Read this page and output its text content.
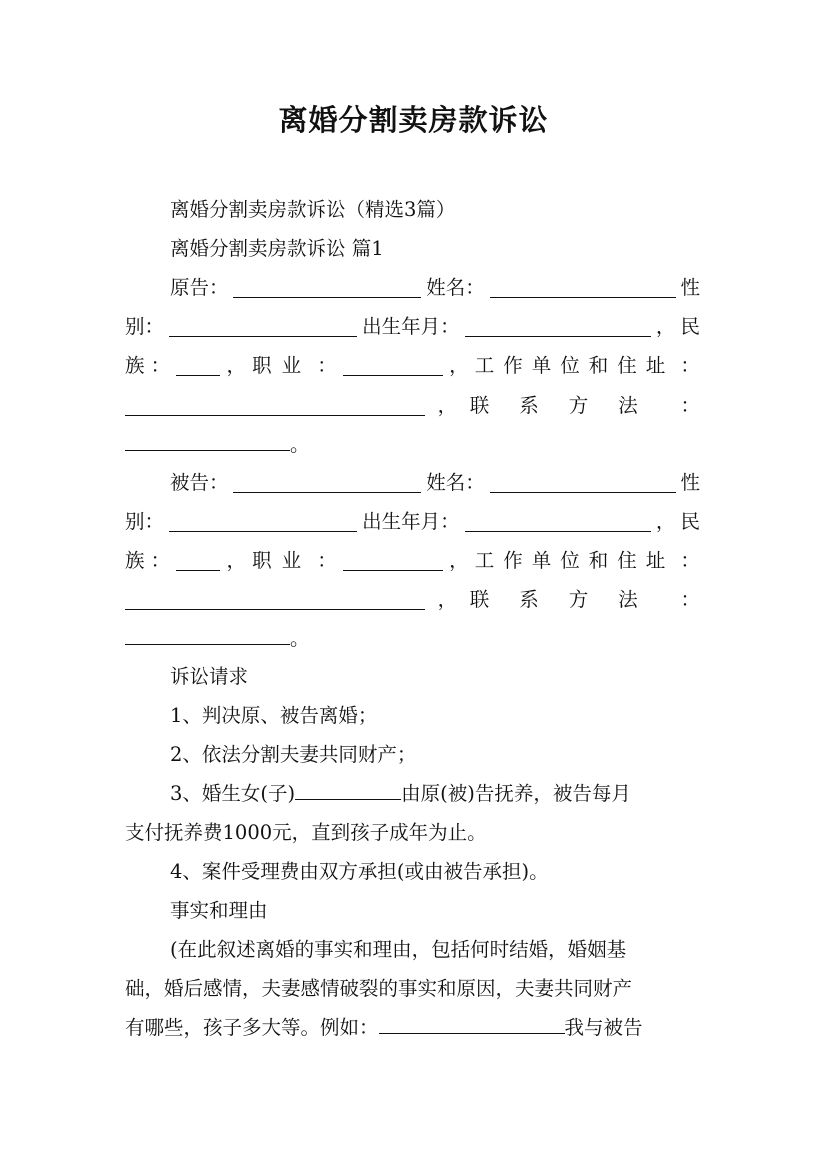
离婚分割卖房款诉讼
离婚分割卖房款诉讼（精选3篇）
离婚分割卖房款诉讼 篇1
原告：	姓名：	性
别：	出生年月：	， 民
族 ：	， 职业 ：	， 工作单位和住址 ：
， 联系方法 ：
。
被告：	姓名：	性
别：	出生年月：	， 民
族 ：	， 职业 ：	， 工作单位和住址 ：
， 联系方法 ：
。
诉讼请求
1、判决原、被告离婚；
2、依法分割夫妻共同财产；
3、婚生女(子)	由原(被)告抚养，被告每月
支付抚养费1000元，直到孩子成年为止。
4、案件受理费由双方承担(或由被告承担)。
事实和理由
(在此叙述离婚的事实和理由，包括何时结婚，婚姻基
础，婚后感情，夫妻感情破裂的事实和原因，夫妻共同财产
有哪些，孩子多大等。例如：	我与被告
